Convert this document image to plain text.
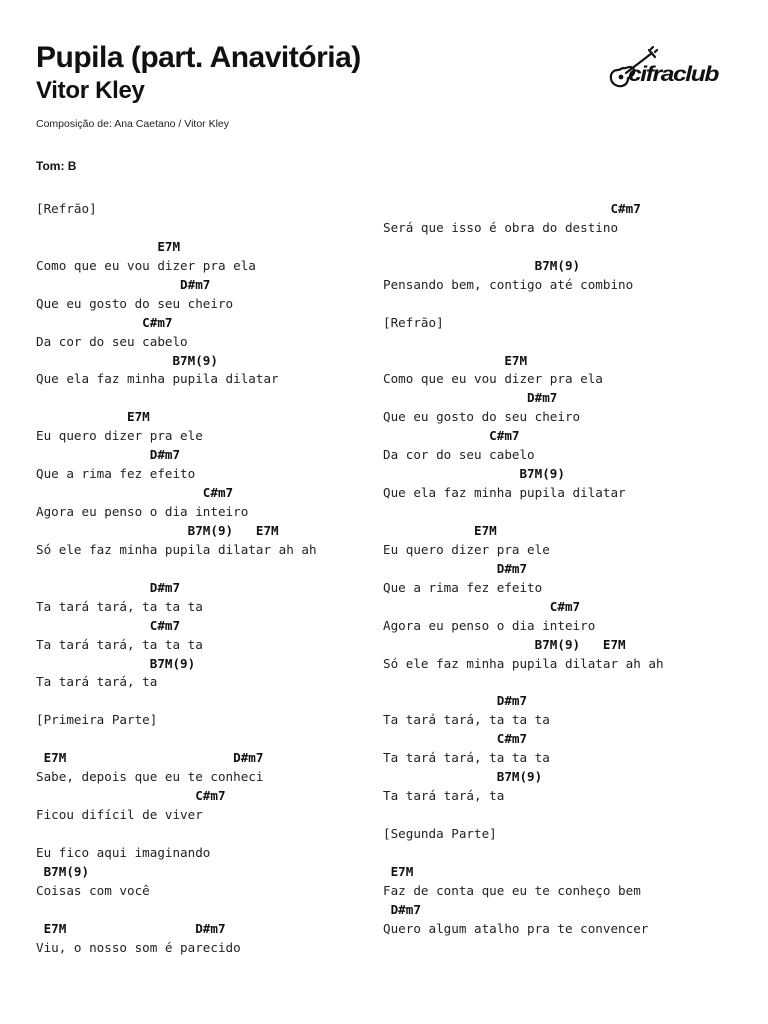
Pupila (part. Anavitória)
Vitor Kley
Composição de: Ana Caetano / Vitor Kley
Tom: B
cifraclub
[Refrão]
E7M
Como que eu vou dizer pra ela
D#m7
Que eu gosto do seu cheiro
C#m7
Da cor do seu cabelo
B7M(9)
Que ela faz minha pupila dilatar
E7M
Eu quero dizer pra ele
D#m7
Que a rima fez efeito
C#m7
Agora eu penso o dia inteiro
B7M(9)   E7M
Só ele faz minha pupila dilatar ah ah
D#m7
Ta tará tará, ta ta ta
C#m7
Ta tará tará, ta ta ta
B7M(9)
Ta tará tará, ta
[Primeira Parte]
E7M                      D#m7
Sabe, depois que eu te conheci
C#m7
Ficou difícil de viver
Eu fico aqui imaginando
B7M(9)
Coisas com você
E7M                 D#m7
Viu, o nosso som é parecido
C#m7
Será que isso é obra do destino
B7M(9)
Pensando bem, contigo até combino
[Refrão]
E7M
Como que eu vou dizer pra ela
D#m7
Que eu gosto do seu cheiro
C#m7
Da cor do seu cabelo
B7M(9)
Que ela faz minha pupila dilatar
E7M
Eu quero dizer pra ele
D#m7
Que a rima fez efeito
C#m7
Agora eu penso o dia inteiro
B7M(9)   E7M
Só ele faz minha pupila dilatar ah ah
D#m7
Ta tará tará, ta ta ta
C#m7
Ta tará tará, ta ta ta
B7M(9)
Ta tará tará, ta
[Segunda Parte]
E7M
Faz de conta que eu te conheço bem
D#m7
Quero algum atalho pra te convencer
